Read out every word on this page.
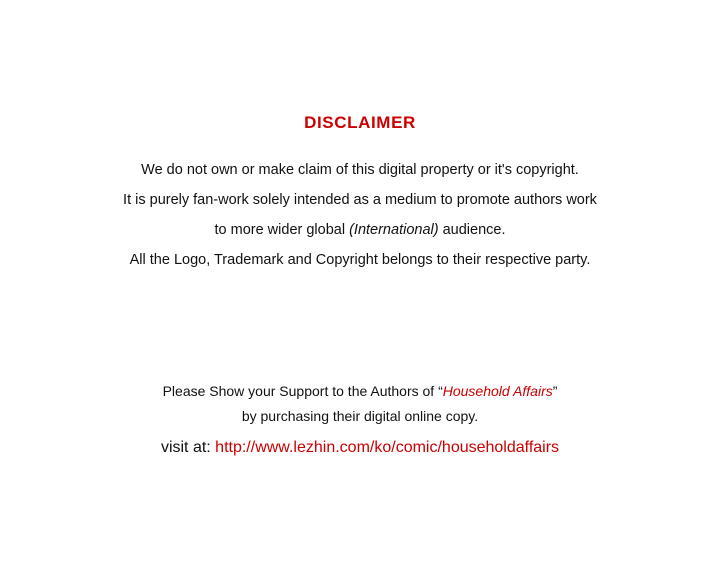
DISCLAIMER
We do not own or make claim of this digital property or it's copyright.
It is purely fan-work solely intended as a medium to promote authors work
to more wider global (International) audience.
All the Logo, Trademark and Copyright belongs to their respective party.
Please Show your Support to the Authors of “Household Affairs”
by purchasing their digital online copy.
visit at: http://www.lezhin.com/ko/comic/householdaffairs
